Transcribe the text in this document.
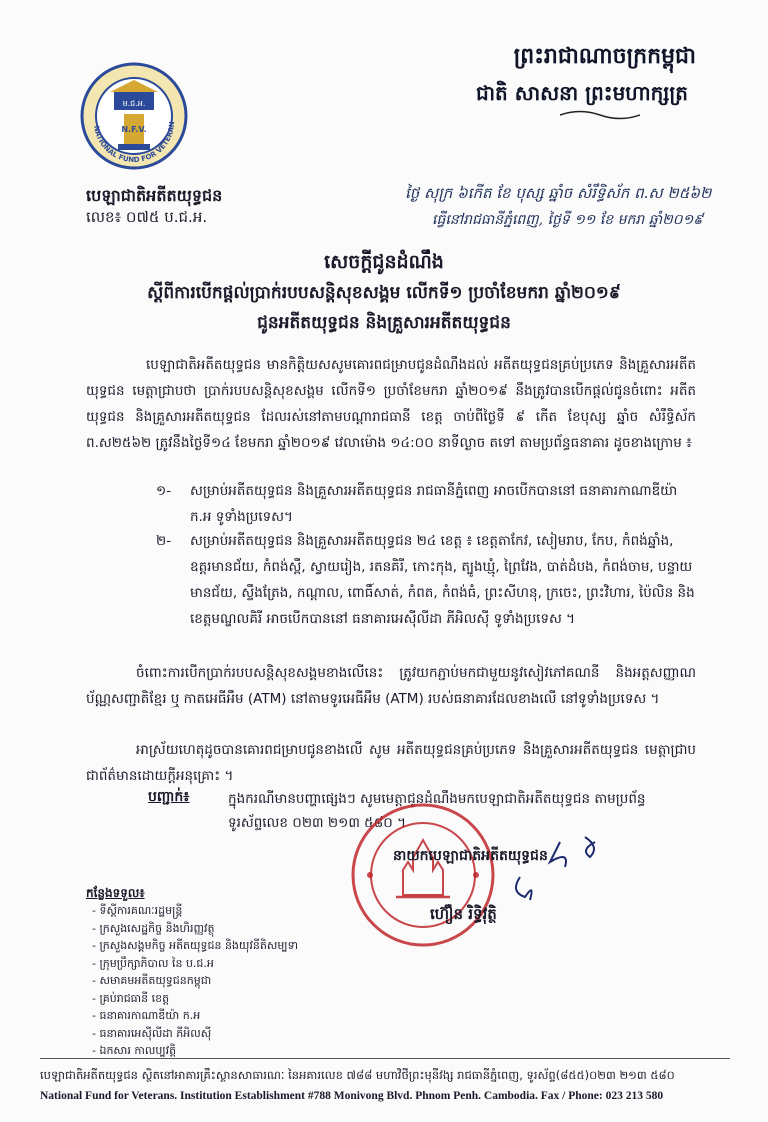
ម.ជ.អ.
N.F.V.
NATIONAL FUND FOR VETERAN
ព្រះរាជាណាចក្រកម្ពុជា
ជាតិ សាសនា ព្រះមហាក្សត្រ
បេឡាជាតិអតីតយុទ្ធជន
លេខ៖ ០៧៥ ប.ជ.អ.
ថ្ងៃ សុក្រ ៦កើត ខែ បុស្ស ឆ្នាំច សំរឹទ្ធិស័ក ព.ស ២៥៦២
ធ្វើនៅរាជធានីភ្នំពេញ, ថ្ងៃទី ១១ ខែ មករា ឆ្នាំ២០១៩
សេចក្តីជូនដំណឹង
ស្តីពីការបើកផ្តល់ប្រាក់របបសន្តិសុខសង្គម លើកទី១ ប្រចាំខែមករា ឆ្នាំ២០១៩
ជូនអតីតយុទ្ធជន និងគ្រួសារអតីតយុទ្ធជន
បេឡាជាតិអតីតយុទ្ធជន មានកិត្តិយសសូមគោរពជម្រាបជូនដំណឹងដល់ អតីតយុទ្ធជនគ្រប់ប្រភេទ និងគ្រួសារអតីតយុទ្ធជន មេត្តាជ្រាបថា ប្រាក់របបសន្តិសុខសង្គម លើកទី១ ប្រចាំខែមករា ឆ្នាំ២០១៩ នឹងត្រូវបានបើកផ្តល់ជូនចំពោះ អតីតយុទ្ធជន និងគ្រួសារអតីតយុទ្ធជន ដែលរស់នៅតាមបណ្តារាជធានី ខេត្ត ចាប់ពីថ្ងៃទី ៩ កើត ខែបុស្ស ឆ្នាំច សំរឹទ្ធិស័ក ព.ស២៥៦២ ត្រូវនឹងថ្ងៃទី១៤ ខែមករា ឆ្នាំ២០១៩ វេលាម៉ោង ១៤:០០ នាទីល្ងាច តទៅ តាមប្រព័ន្ធធនាគារ ដូចខាងក្រោម ៖
១- សម្រាប់អតីតយុទ្ធជន និងគ្រួសារអតីតយុទ្ធជន រាជធានីភ្នំពេញ អាចបើកបាននៅ ធនាគារកាណាឌីយ៉ា ក.អ ទូទាំងប្រទេស។
២- សម្រាប់អតីតយុទ្ធជន និងគ្រួសារអតីតយុទ្ធជន ២៤ ខេត្ត ៖ ខេត្តតាកែវ, សៀមរាប, កែប, កំពង់ឆ្នាំង, ឧត្តរមានជ័យ, កំពង់ស្ពឺ, ស្វាយរៀង, រតនគិរី, កោះកុង, ត្បូងឃ្មុំ, ព្រៃវែង, បាត់ដំបង, កំពង់ចាម, បន្ទាយមានជ័យ, ស្ទឹងត្រែង, កណ្តាល, ពោធិ៍សាត់, កំពត, កំពង់ធំ, ព្រះសីហនុ, ក្រចេះ, ព្រះវិហារ, ប៉ៃលិន និងខេត្តមណ្ឌលគិរី អាចបើកបាននៅ ធនាគារអេស៊ីលីដា ភីអិលស៊ី ទូទាំងប្រទេស ។
ចំពោះការបើកប្រាក់របបសន្តិសុខសង្គមខាងលើនេះ ត្រូវយកភ្ជាប់មកជាមួយនូវសៀវភៅគណនី និងអត្តសញ្ញាណប័ណ្ណសញ្ជាតិខ្មែរ ឬ កាតអេធីអឹម (ATM) នៅតាមទូរអេធីអឹម (ATM) របស់ធនាគារដែលខាងលើ នៅទូទាំងប្រទេស ។
អាស្រ័យហេតុដូចបានគោរពជម្រាបជូនខាងលើ សូម អតីតយុទ្ធជនគ្រប់ប្រភេទ និងគ្រួសារអតីតយុទ្ធជន មេត្តាជ្រាបជាព័ត៌មានដោយក្តីអនុគ្រោះ ។
បញ្ជាក់៖	ក្នុងករណីមានបញ្ហាផ្សេងៗ សូមមេត្តាជូនដំណឹងមកបេឡាជាតិអតីតយុទ្ធជន តាមប្រព័ន្ធទូរស័ព្ទលេខ ០២៣ ២១៣ ៥៨០ ។
នាយកបេឡាជាតិអតីតយុទ្ធជន
ហ៊ឿន រិទ្ធិវុត្ថិ
កន្លែងទទួល៖
- ទីស្តីការគណៈរដ្ឋមន្ត្រី
- ក្រសួងសេដ្ឋកិច្ច និងហិរញ្ញវត្ថុ
- ក្រសួងសង្គមកិច្ច អតីតយុទ្ធជន និងយុវនីតិសម្បទា
- ក្រុមប្រឹក្សាភិបាល នៃ ប.ជ.អ
- សមាគមអតីតយុទ្ធជនកម្ពុជា
- គ្រប់រាជធានី ខេត្ត
- ធនាគារកាណាឌីយ៉ា ក.អ
- ធនាគារអេស៊ីលីដា ភីអិលស៊ី
- ឯកសារ កាលប្បវត្តិ
បេឡាជាតិអតីតយុទ្ធជន ស្ថិតនៅអាគារគ្រឹះស្ថានសាធារណៈ នៃអគារលេខ ៧៨៨ មហាវិថីព្រះមុនីវង្ស រាជធានីភ្នំពេញ, ទូរស័ព្ទ(៨៥៥)០២៣ ២១៣ ៥៨០
National Fund for Veterans. Institution Establishment #788 Monivong Blvd. Phnom Penh. Cambodia. Fax / Phone: 023 213 580
